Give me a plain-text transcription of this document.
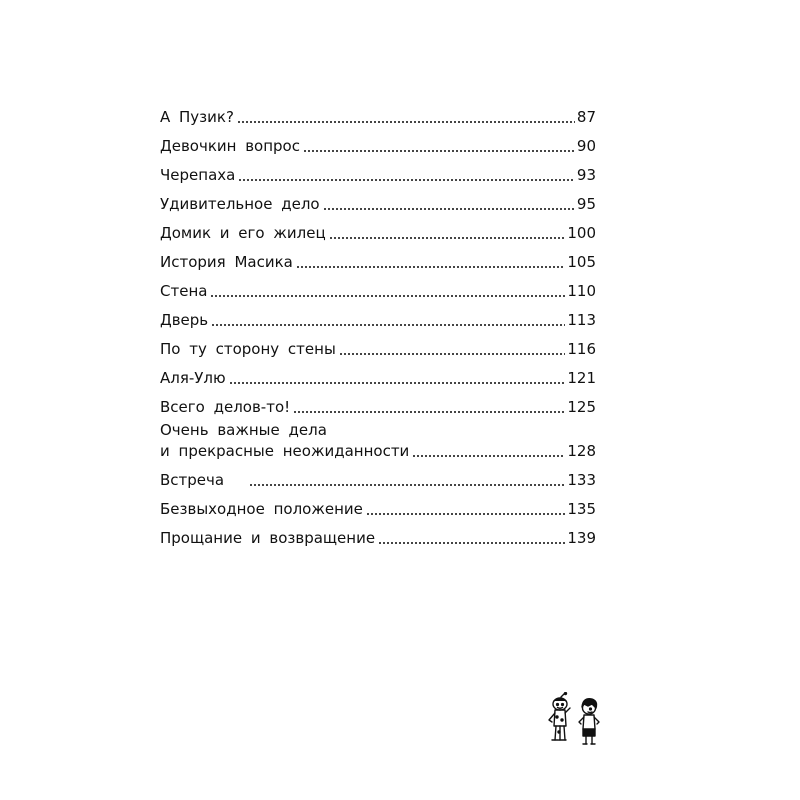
А Пузик?	87
Девочкин вопрос	90
Черепаха	93
Удивительное дело	95
Домик и его жилец	100
История Масика	105
Стена	110
Дверь	113
По ту сторону стены	116
Аля-Улю	121
Всего делов-то!	125
Очень важные дела
и прекрасные неожиданности	128
Встреча	133
Безвыходное положение	135
Прощание и возвращение	139
